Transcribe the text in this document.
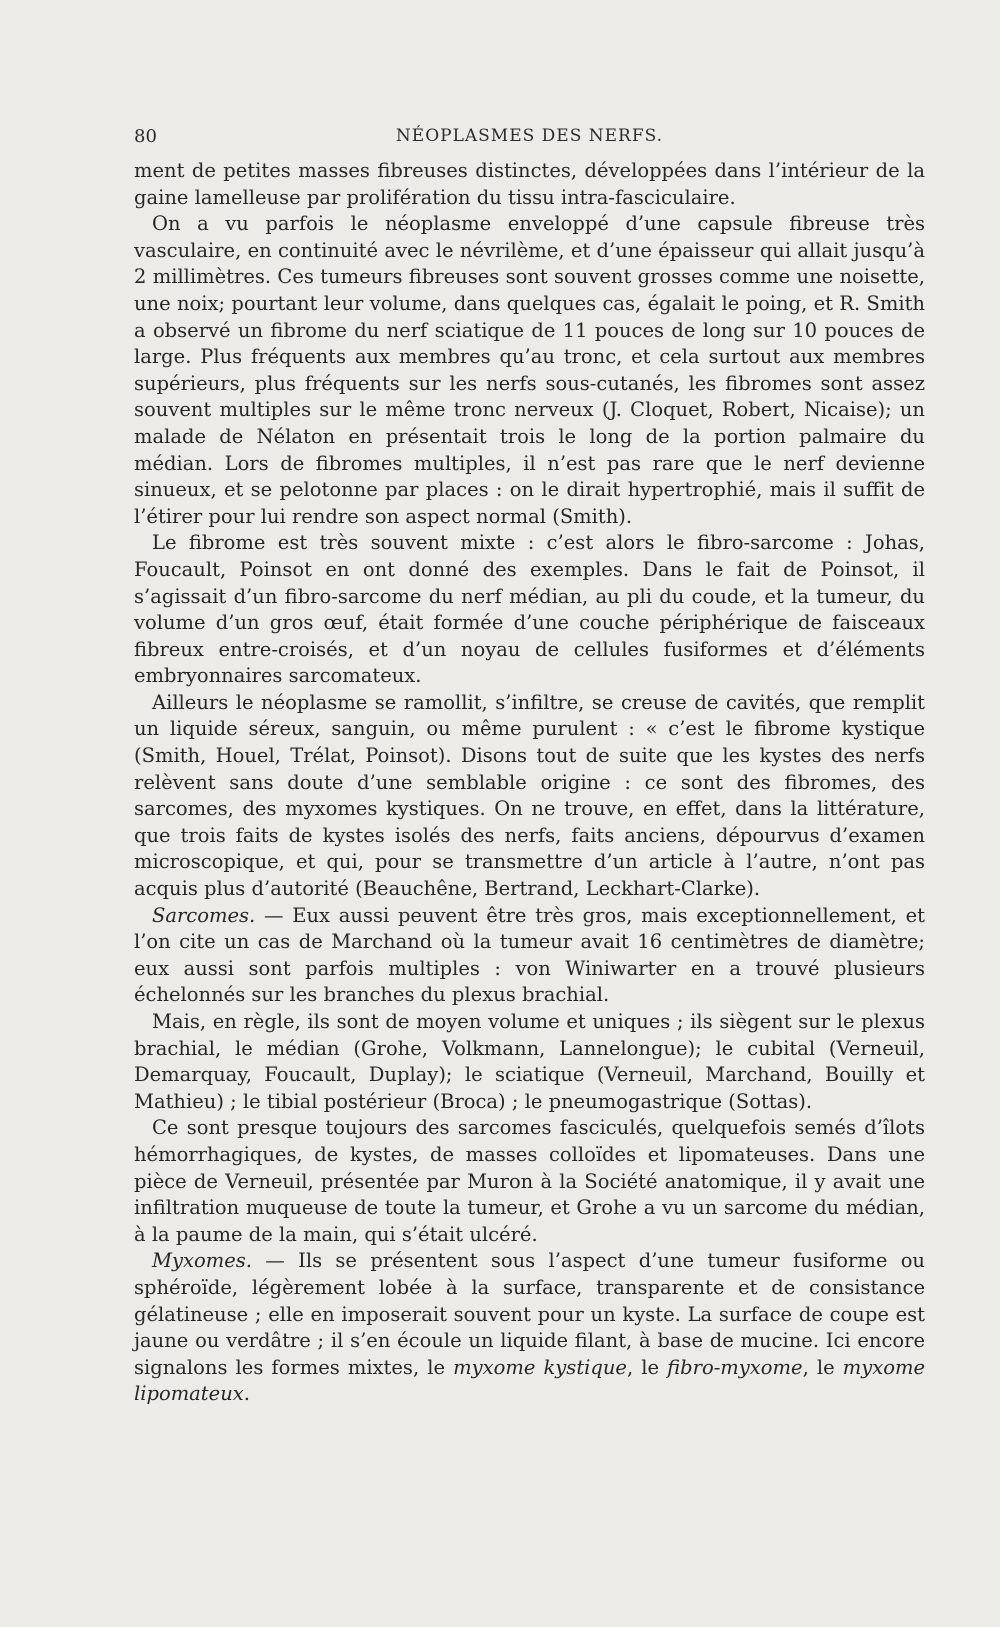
80	NÉOPLASMES DES NERFS.

ment de petites masses fibreuses distinctes, développées dans l’intérieur de la gaine lamelleuse par prolifération du tissu intra-fasciculaire.

On a vu parfois le néoplasme enveloppé d’une capsule fibreuse très vasculaire, en continuité avec le névrilème, et d’une épaisseur qui allait jusqu’à 2 millimètres. Ces tumeurs fibreuses sont souvent grosses comme une noisette, une noix; pourtant leur volume, dans quelques cas, égalait le poing, et R. Smith a observé un fibrome du nerf sciatique de 11 pouces de long sur 10 pouces de large. Plus fréquents aux membres qu’au tronc, et cela surtout aux membres supérieurs, plus fréquents sur les nerfs sous-cutanés, les fibromes sont assez souvent multiples sur le même tronc nerveux (J. Cloquet, Robert, Nicaise); un malade de Nélaton en présentait trois le long de la portion palmaire du médian. Lors de fibromes multiples, il n’est pas rare que le nerf devienne sinueux, et se pelotonne par places : on le dirait hypertrophié, mais il suffit de l’étirer pour lui rendre son aspect normal (Smith).

Le fibrome est très souvent mixte : c’est alors le fibro-sarcome : Johas, Foucault, Poinsot en ont donné des exemples. Dans le fait de Poinsot, il s’agissait d’un fibro-sarcome du nerf médian, au pli du coude, et la tumeur, du volume d’un gros œuf, était formée d’une couche périphérique de faisceaux fibreux entre-croisés, et d’un noyau de cellules fusiformes et d’éléments embryonnaires sarcomateux.

Ailleurs le néoplasme se ramollit, s’infiltre, se creuse de cavités, que remplit un liquide séreux, sanguin, ou même purulent : « c’est le fibrome kystique (Smith, Houel, Trélat, Poinsot). Disons tout de suite que les kystes des nerfs relèvent sans doute d’une semblable origine : ce sont des fibromes, des sarcomes, des myxomes kystiques. On ne trouve, en effet, dans la littérature, que trois faits de kystes isolés des nerfs, faits anciens, dépourvus d’examen microscopique, et qui, pour se transmettre d’un article à l’autre, n’ont pas acquis plus d’autorité (Beauchêne, Bertrand, Leckhart-Clarke).

Sarcomes. — Eux aussi peuvent être très gros, mais exceptionnellement, et l’on cite un cas de Marchand où la tumeur avait 16 centimètres de diamètre; eux aussi sont parfois multiples : von Winiwarter en a trouvé plusieurs échelonnés sur les branches du plexus brachial.

Mais, en règle, ils sont de moyen volume et uniques ; ils siègent sur le plexus brachial, le médian (Grohe, Volkmann, Lannelongue); le cubital (Verneuil, Demarquay, Foucault, Duplay); le sciatique (Verneuil, Marchand, Bouilly et Mathieu) ; le tibial postérieur (Broca) ; le pneumogastrique (Sottas).

Ce sont presque toujours des sarcomes fasciculés, quelquefois semés d’îlots hémorrhagiques, de kystes, de masses colloïdes et lipomateuses. Dans une pièce de Verneuil, présentée par Muron à la Société anatomique, il y avait une infiltration muqueuse de toute la tumeur, et Grohe a vu un sarcome du médian, à la paume de la main, qui s’était ulcéré.

Myxomes. — Ils se présentent sous l’aspect d’une tumeur fusiforme ou sphéroïde, légèrement lobée à la surface, transparente et de consistance gélatineuse ; elle en imposerait souvent pour un kyste. La surface de coupe est jaune ou verdâtre ; il s’en écoule un liquide filant, à base de mucine. Ici encore signalons les formes mixtes, le myxome kystique, le fibro-myxome, le myxome lipomateux.
